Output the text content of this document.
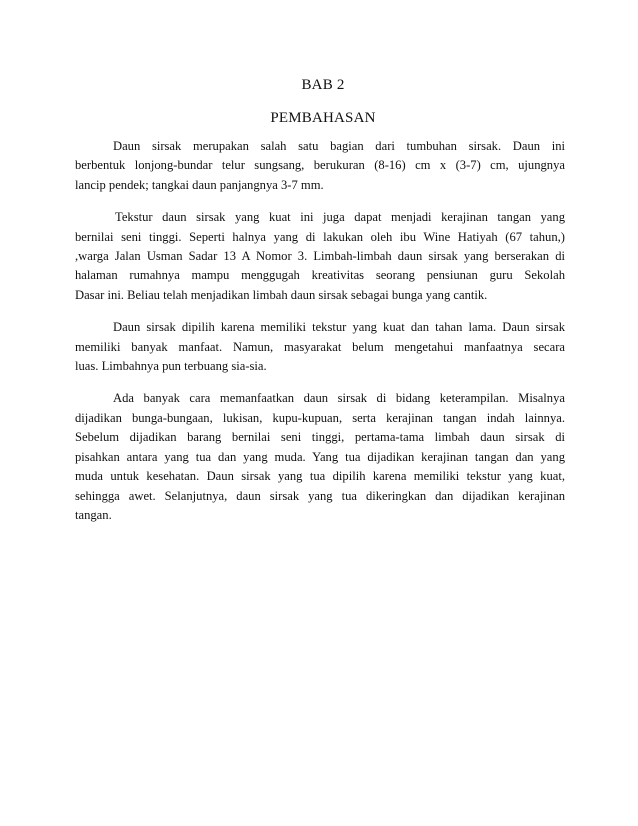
BAB 2
PEMBAHASAN

Daun sirsak merupakan salah satu bagian dari tumbuhan sirsak. Daun ini
berbentuk lonjong-bundar telur sungsang, berukuran (8-16) cm x (3-7) cm, ujungnya
lancip pendek; tangkai daun panjangnya 3-7 mm.

Tekstur daun sirsak yang kuat ini juga dapat menjadi kerajinan tangan yang
bernilai seni tinggi. Seperti halnya yang di lakukan oleh ibu Wine Hatiyah (67 tahun,)
,warga Jalan Usman Sadar 13 A Nomor 3. Limbah-limbah daun sirsak yang berserakan di
halaman rumahnya mampu menggugah kreativitas seorang pensiunan guru Sekolah
Dasar ini. Beliau telah menjadikan limbah daun sirsak sebagai bunga yang cantik.

Daun sirsak dipilih karena memiliki tekstur yang kuat dan tahan lama. Daun sirsak
memiliki banyak manfaat. Namun, masyarakat belum mengetahui manfaatnya secara
luas. Limbahnya pun terbuang sia-sia.

Ada banyak cara memanfaatkan daun sirsak di bidang keterampilan. Misalnya
dijadikan bunga-bungaan, lukisan, kupu-kupuan, serta kerajinan tangan indah lainnya.
Sebelum dijadikan barang bernilai seni tinggi, pertama-tama limbah daun sirsak di
pisahkan antara yang tua dan yang muda. Yang tua dijadikan kerajinan tangan dan yang
muda untuk kesehatan. Daun sirsak yang tua dipilih karena memiliki tekstur yang kuat,
sehingga awet. Selanjutnya, daun sirsak yang tua dikeringkan dan dijadikan kerajinan
tangan.
